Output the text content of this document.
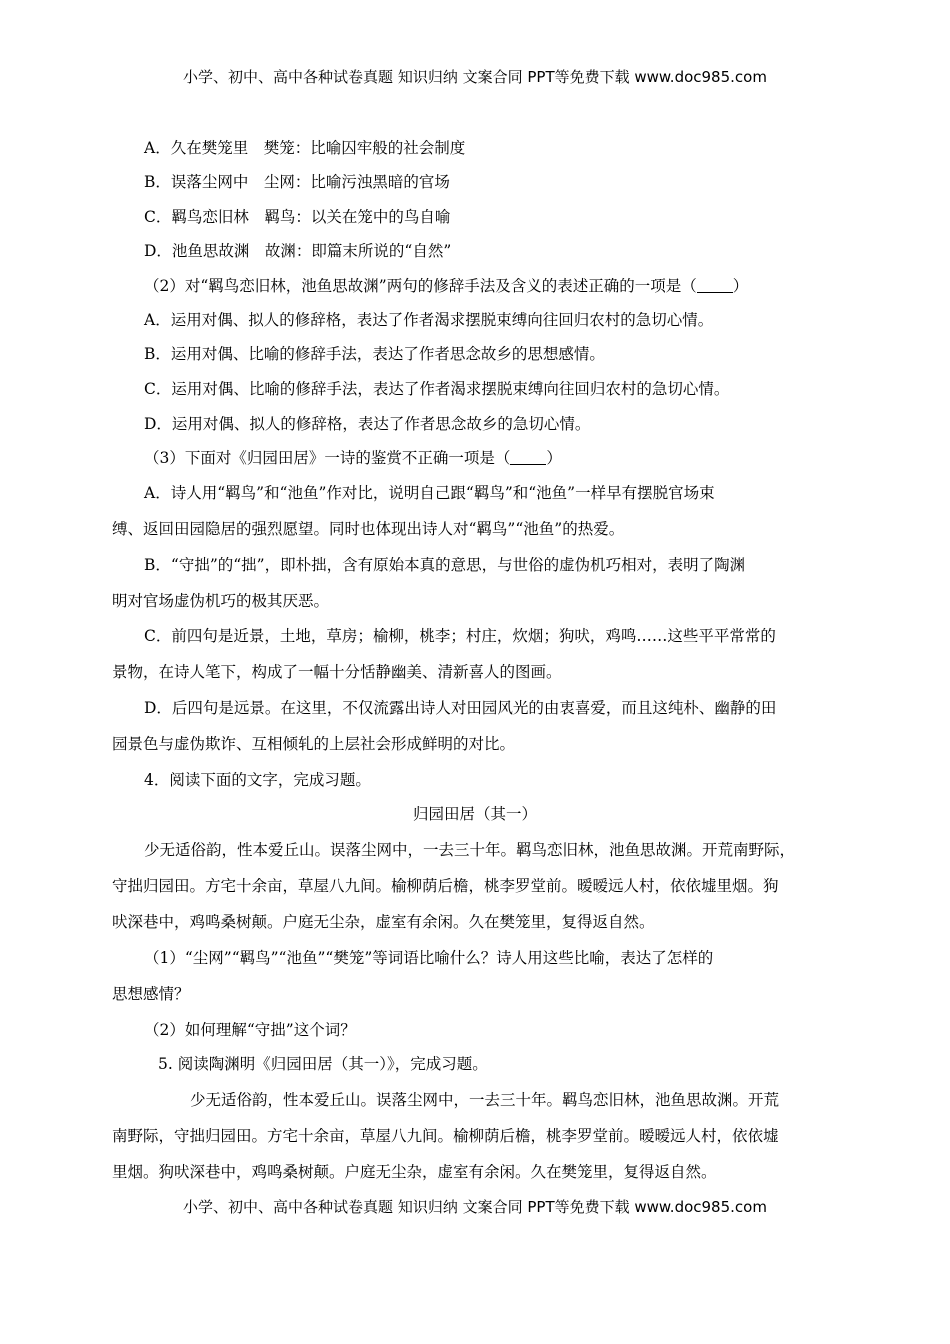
小学、初中、高中各种试卷真题 知识归纳 文案合同 PPT等免费下载 www.doc985.com
A．久在樊笼里　樊笼：比喻囚牢般的社会制度
B．误落尘网中　尘网：比喻污浊黑暗的官场
C．羁鸟恋旧林　羁鸟：以关在笼中的鸟自喻
D．池鱼思故渊　故渊：即篇末所说的“自然”
（2）对“羁鸟恋旧林，池鱼思故渊”两句的修辞手法及含义的表述正确的一项是（ ）
A．运用对偶、拟人的修辞格，表达了作者渴求摆脱束缚向往回归农村的急切心情。
B．运用对偶、比喻的修辞手法，表达了作者思念故乡的思想感情。
C．运用对偶、比喻的修辞手法，表达了作者渴求摆脱束缚向往回归农村的急切心情。
D．运用对偶、拟人的修辞格，表达了作者思念故乡的急切心情。
（3）下面对《归园田居》一诗的鉴赏不正确一项是（ ）
A．诗人用“羁鸟”和“池鱼”作对比，说明自己跟“羁鸟”和“池鱼”一样早有摆脱官场束
缚、返回田园隐居的强烈愿望。同时也体现出诗人对“羁鸟”“池鱼”的热爱。
B．“守拙”的“拙”，即朴拙，含有原始本真的意思，与世俗的虚伪机巧相对，表明了陶渊
明对官场虚伪机巧的极其厌恶。
C．前四句是近景，土地，草房；榆柳，桃李；村庄，炊烟；狗吠，鸡鸣……这些平平常常的
景物，在诗人笔下，构成了一幅十分恬静幽美、清新喜人的图画。
D．后四句是远景。在这里，不仅流露出诗人对田园风光的由衷喜爱，而且这纯朴、幽静的田
园景色与虚伪欺诈、互相倾轧的上层社会形成鲜明的对比。
4．阅读下面的文字，完成习题。
归园田居（其一）
少无适俗韵，性本爱丘山。误落尘网中，一去三十年。羁鸟恋旧林，池鱼思故渊。开荒南野际，
守拙归园田。方宅十余亩，草屋八九间。榆柳荫后檐，桃李罗堂前。暧暧远人村，依依墟里烟。狗
吠深巷中，鸡鸣桑树颠。户庭无尘杂，虚室有余闲。久在樊笼里，复得返自然。
（1）“尘网”“羁鸟”“池鱼”“樊笼”等词语比喻什么？诗人用这些比喻，表达了怎样的
思想感情？
（2）如何理解“守拙”这个词？
5. 阅读陶渊明《归园田居（其一）》，完成习题。
少无适俗韵，性本爱丘山。误落尘网中，一去三十年。羁鸟恋旧林，池鱼思故渊。开荒
南野际，守拙归园田。方宅十余亩，草屋八九间。榆柳荫后檐，桃李罗堂前。暧暧远人村，依依墟
里烟。狗吠深巷中，鸡鸣桑树颠。户庭无尘杂，虚室有余闲。久在樊笼里，复得返自然。
小学、初中、高中各种试卷真题 知识归纳 文案合同 PPT等免费下载 www.doc985.com
